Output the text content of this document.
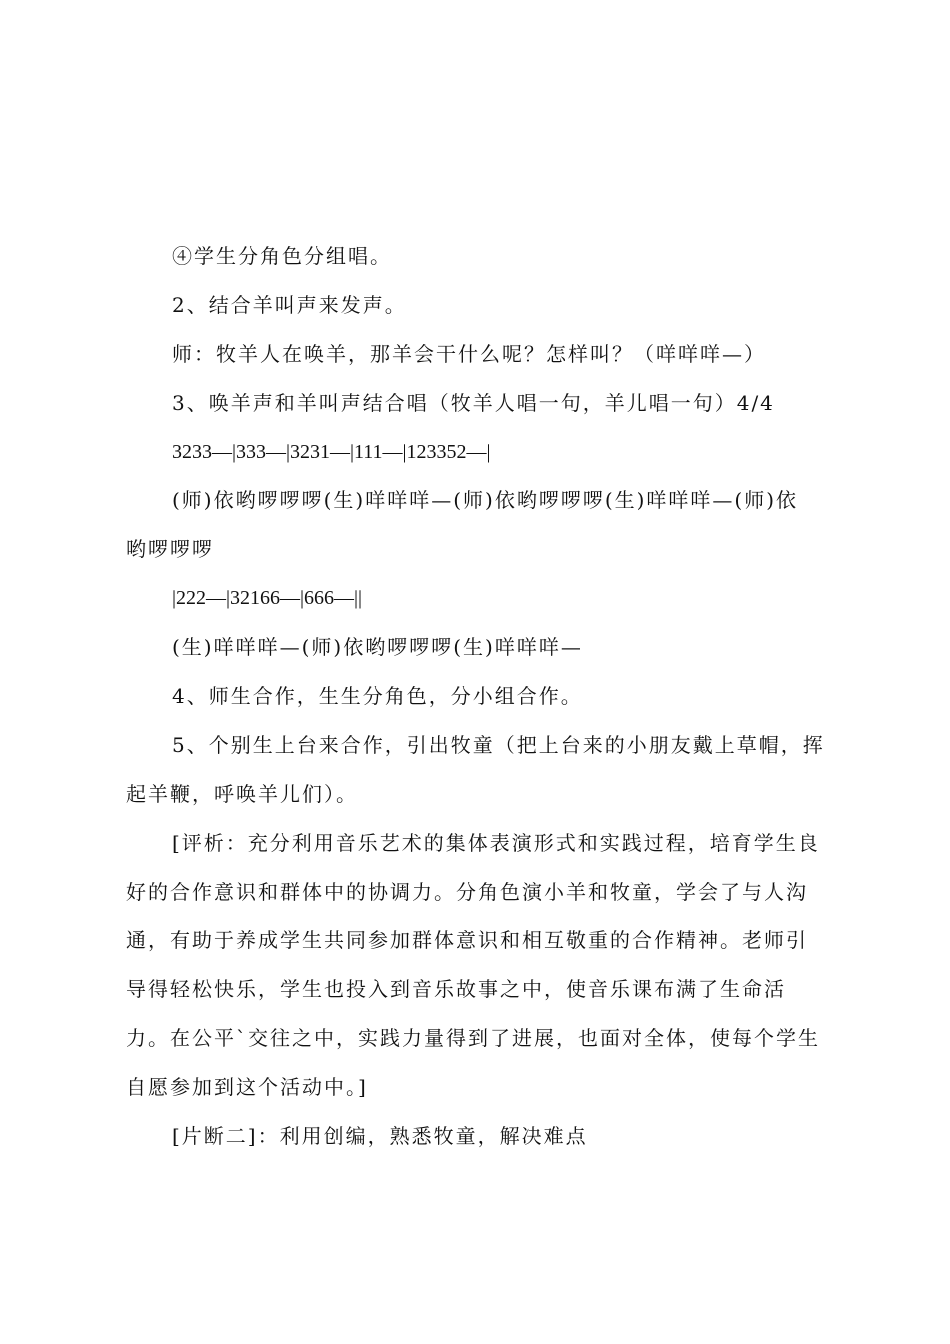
④学生分角色分组唱。
2、结合羊叫声来发声。
师：牧羊人在唤羊，那羊会干什么呢？怎样叫？（咩咩咩—）
3、唤羊声和羊叫声结合唱（牧羊人唱一句，羊儿唱一句）4/4
3233—|333—|3231—|111—|123352—|
(师)依哟啰啰啰(生)咩咩咩—(师)依哟啰啰啰(生)咩咩咩—(师)依
哟啰啰啰
|222—|32166—|666—||
(生)咩咩咩—(师)依哟啰啰啰(生)咩咩咩—
4、师生合作，生生分角色，分小组合作。
5、个别生上台来合作，引出牧童（把上台来的小朋友戴上草帽，挥
起羊鞭，呼唤羊儿们）。
[评析：充分利用音乐艺术的集体表演形式和实践过程，培育学生良
好的合作意识和群体中的协调力。分角色演小羊和牧童，学会了与人沟
通，有助于养成学生共同参加群体意识和相互敬重的合作精神。老师引
导得轻松快乐，学生也投入到音乐故事之中，使音乐课布满了生命活
力。在公平`交往之中，实践力量得到了进展，也面对全体，使每个学生
自愿参加到这个活动中。]
[片断二]：利用创编，熟悉牧童，解决难点
